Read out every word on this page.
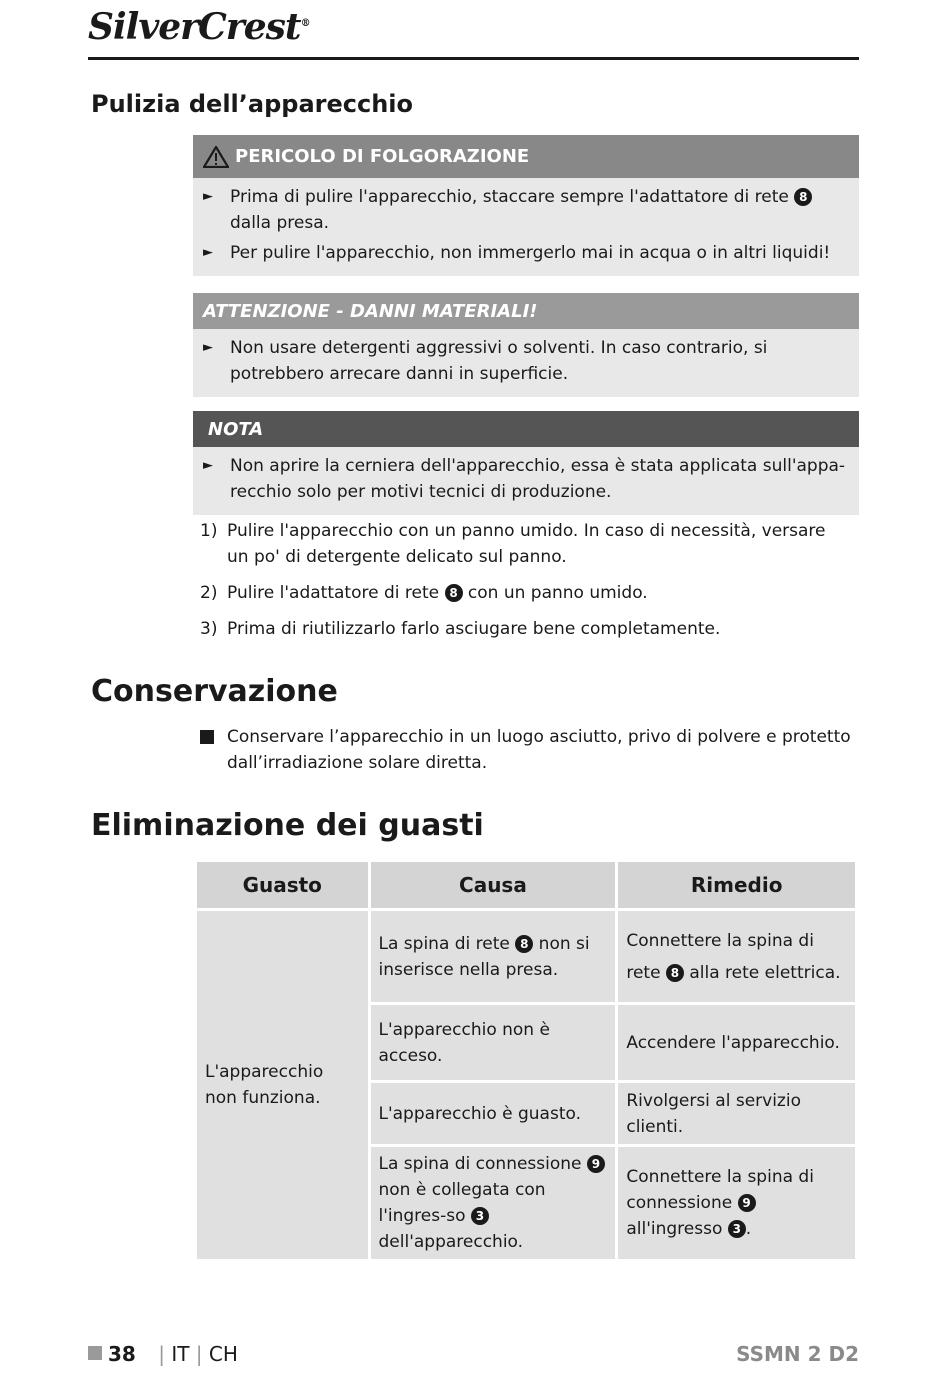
SilverCrest®
Pulizia dell’apparecchio
PERICOLO DI FOLGORAZIONE
► Prima di pulire l'apparecchio, staccare sempre l'adattatore di rete 8 dalla presa.
► Per pulire l'apparecchio, non immergerlo mai in acqua o in altri liquidi!
ATTENZIONE - DANNI MATERIALI!
► Non usare detergenti aggressivi o solventi. In caso contrario, si potrebbero arrecare danni in superficie.
NOTA
► Non aprire la cerniera dell'apparecchio, essa è stata applicata sull'appa-recchio solo per motivi tecnici di produzione.
1) Pulire l'apparecchio con un panno umido. In caso di necessità, versare un po' di detergente delicato sul panno.
2) Pulire l'adattatore di rete 8 con un panno umido.
3) Prima di riutilizzarlo farlo asciugare bene completamente.
Conservazione
Conservare l’apparecchio in un luogo asciutto, privo di polvere e protetto dall’irradiazione solare diretta.
Eliminazione dei guasti
Guasto	Causa	Rimedio
L'apparecchio non funziona.	La spina di rete 8 non si inserisce nella presa.	Connettere la spina di rete 8 alla rete elettrica.
	L'apparecchio non è acceso.	Accendere l'apparecchio.
	L'apparecchio è guasto.	Rivolgersi al servizio clienti.
	La spina di connessione 9 non è collegata con l'ingres-so 3 dell'apparecchio.	Connettere la spina di connessione 9 all'ingresso 3 .
38 | IT | CH	SSMN 2 D2
